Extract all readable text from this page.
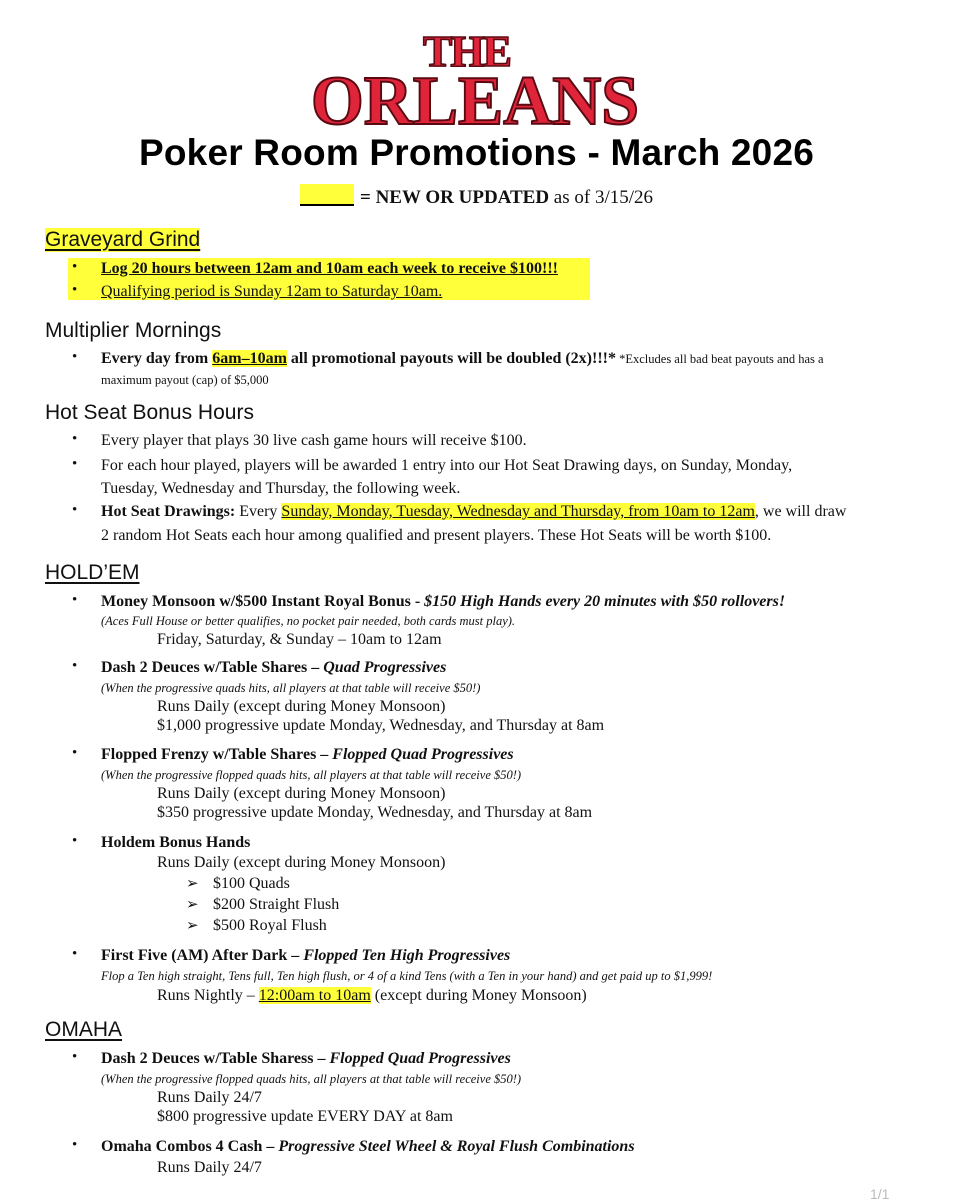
THE
ORLEANS
Poker Room Promotions - March 2026
= NEW OR UPDATED as of 3/15/26
Graveyard Grind
• Log 20 hours between 12am and 10am each week to receive $100!!!
• Qualifying period is Sunday 12am to Saturday 10am.
Multiplier Mornings
• Every day from 6am–10am all promotional payouts will be doubled (2x)!!!* *Excludes all bad beat payouts and has a
maximum payout (cap) of $5,000
Hot Seat Bonus Hours
• Every player that plays 30 live cash game hours will receive $100.
• For each hour played, players will be awarded 1 entry into our Hot Seat Drawing days, on Sunday, Monday,
Tuesday, Wednesday and Thursday, the following week.
• Hot Seat Drawings: Every Sunday, Monday, Tuesday, Wednesday and Thursday, from 10am to 12am, we will draw
2 random Hot Seats each hour among qualified and present players. These Hot Seats will be worth $100.
HOLD’EM
• Money Monsoon w/$500 Instant Royal Bonus - $150 High Hands every 20 minutes with $50 rollovers!
(Aces Full House or better qualifies, no pocket pair needed, both cards must play).
Friday, Saturday, & Sunday – 10am to 12am
• Dash 2 Deuces w/Table Shares – Quad Progressives
(When the progressive quads hits, all players at that table will receive $50!)
Runs Daily (except during Money Monsoon)
$1,000 progressive update Monday, Wednesday, and Thursday at 8am
• Flopped Frenzy w/Table Shares – Flopped Quad Progressives
(When the progressive flopped quads hits, all players at that table will receive $50!)
Runs Daily (except during Money Monsoon)
$350 progressive update Monday, Wednesday, and Thursday at 8am
• Holdem Bonus Hands
Runs Daily (except during Money Monsoon)
➢ $100 Quads
➢ $200 Straight Flush
➢ $500 Royal Flush
• First Five (AM) After Dark – Flopped Ten High Progressives
Flop a Ten high straight, Tens full, Ten high flush, or 4 of a kind Tens (with a Ten in your hand) and get paid up to $1,999!
Runs Nightly – 12:00am to 10am (except during Money Monsoon)
OMAHA
• Dash 2 Deuces w/Table Sharess – Flopped Quad Progressives
(When the progressive flopped quads hits, all players at that table will receive $50!)
Runs Daily 24/7
$800 progressive update EVERY DAY at 8am
• Omaha Combos 4 Cash – Progressive Steel Wheel & Royal Flush Combinations
Runs Daily 24/7
1/1
